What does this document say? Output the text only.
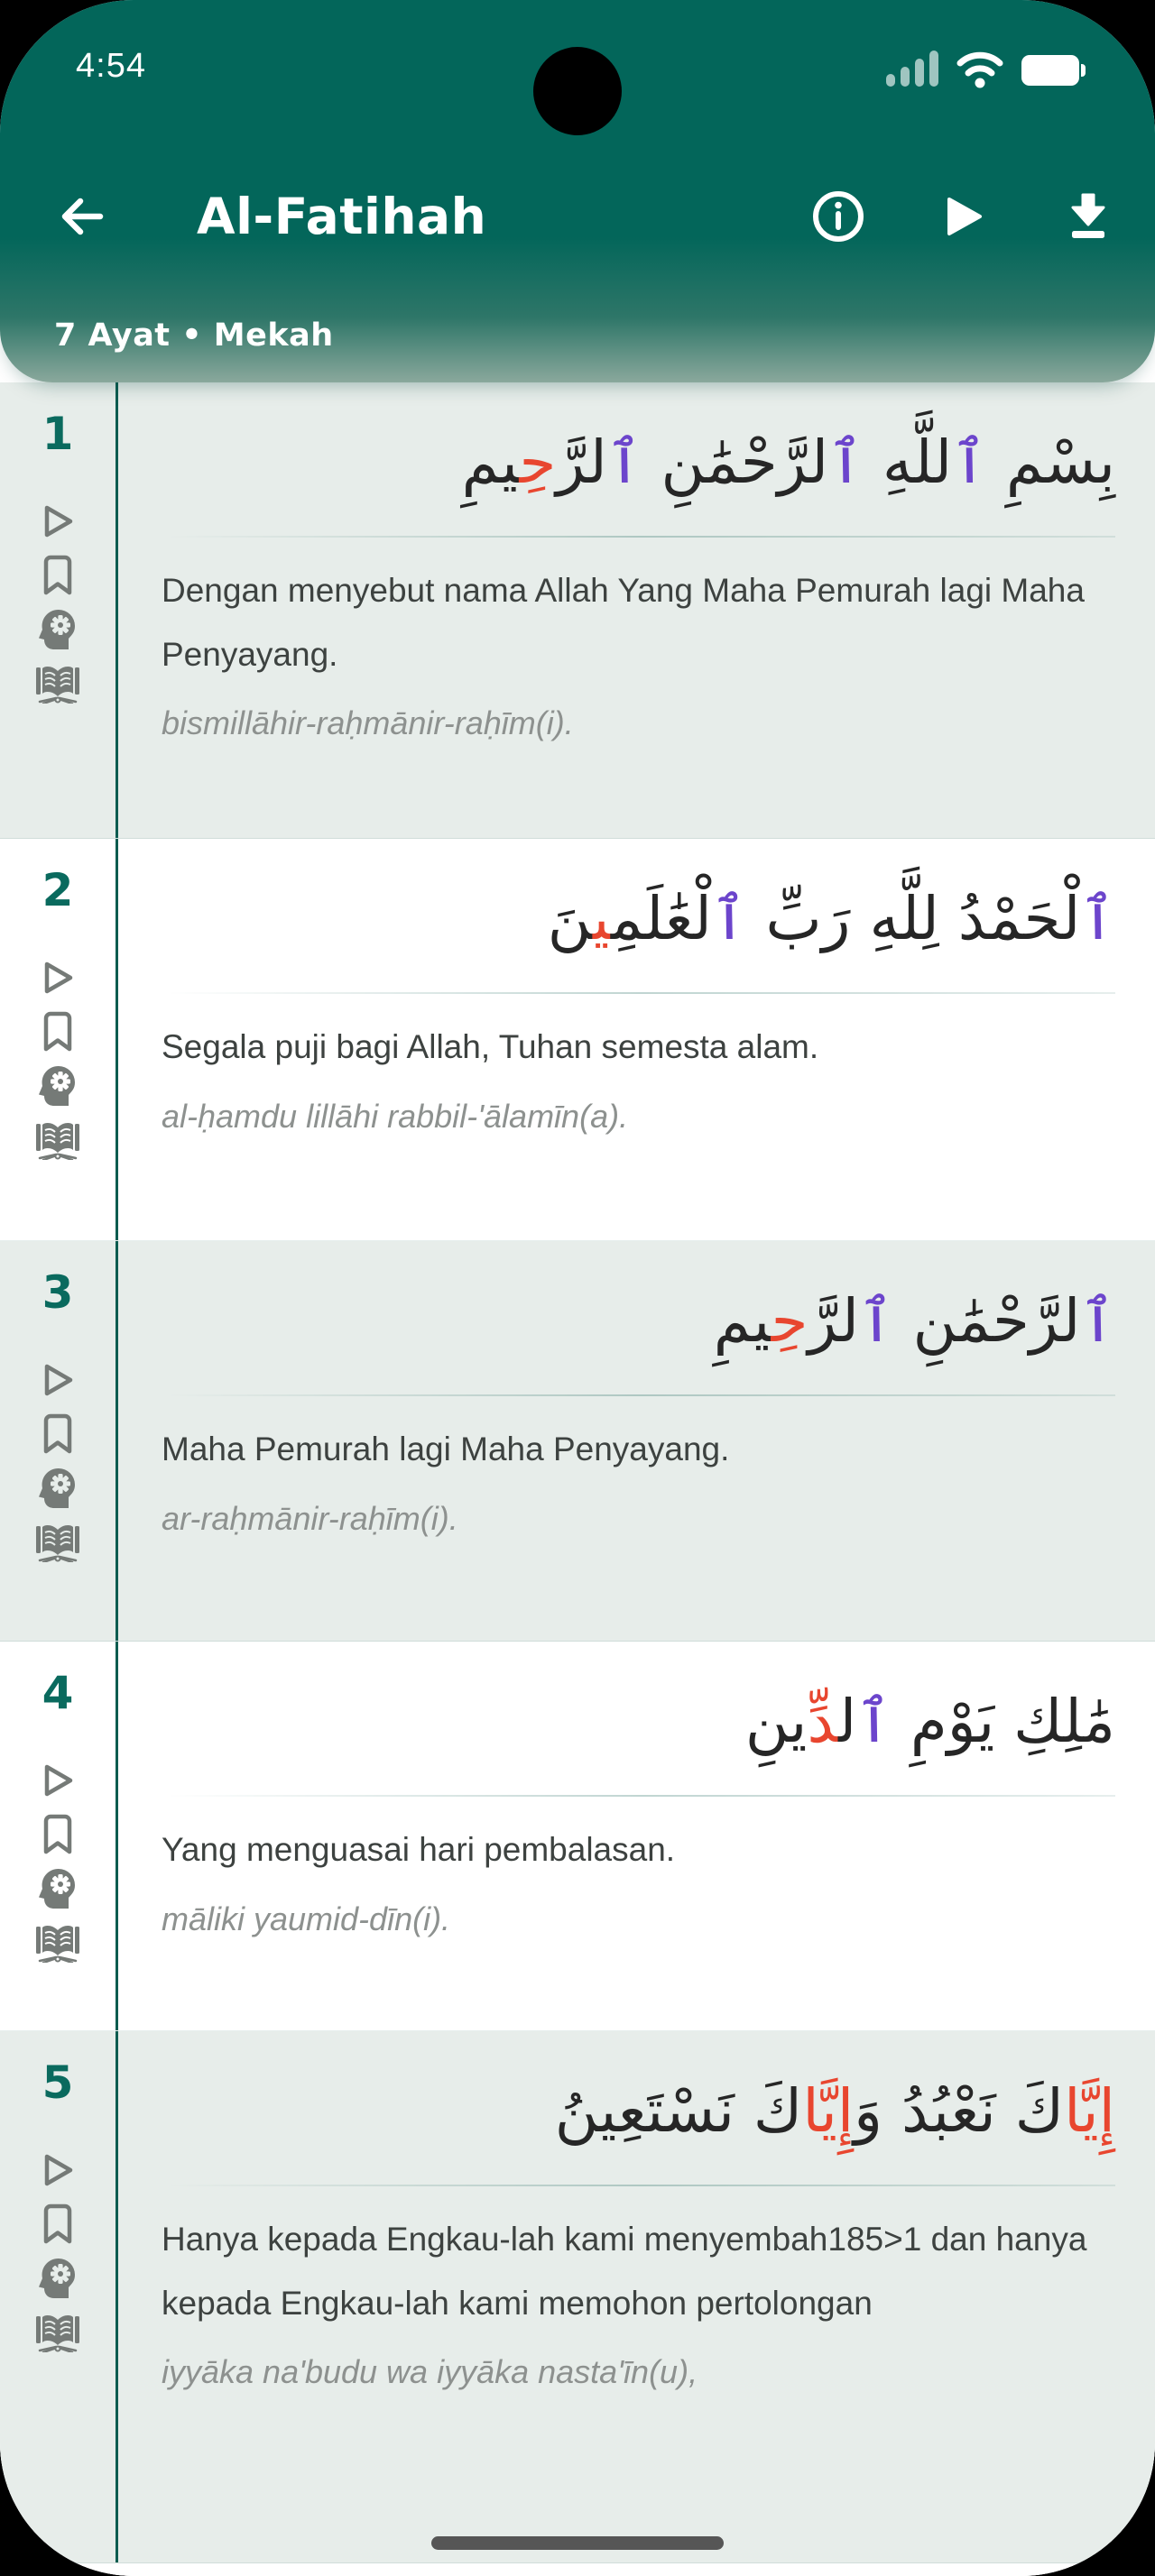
4:54
Al-Fatihah
7 Ayat • Mekah
1	بِسْمِ ٱللَّهِ ٱلرَّحْمَٰنِ ٱلرَّحِيمِ

Dengan menyebut nama Allah Yang Maha Pemurah lagi Maha Penyayang.

bismillāhir-raḥmānir-raḥīm(i).

2	ٱلْحَمْدُ لِلَّهِ رَبِّ ٱلْعَٰلَمِينَ

Segala puji bagi Allah, Tuhan semesta alam.

al-ḥamdu lillāhi rabbil-'ālamīn(a).

3	ٱلرَّحْمَٰنِ ٱلرَّحِيمِ

Maha Pemurah lagi Maha Penyayang.

ar-raḥmānir-raḥīm(i).

4	مَٰلِكِ يَوْمِ ٱلدِّينِ

Yang menguasai hari pembalasan.

māliki yaumid-dīn(i).

5	إِيَّاكَ نَعْبُدُ وَإِيَّاكَ نَسْتَعِينُ

Hanya kepada Engkau-lah kami menyembah185>1 dan hanya kepada Engkau-lah kami memohon pertolongan

iyyāka na'budu wa iyyāka nasta'īn(u),
